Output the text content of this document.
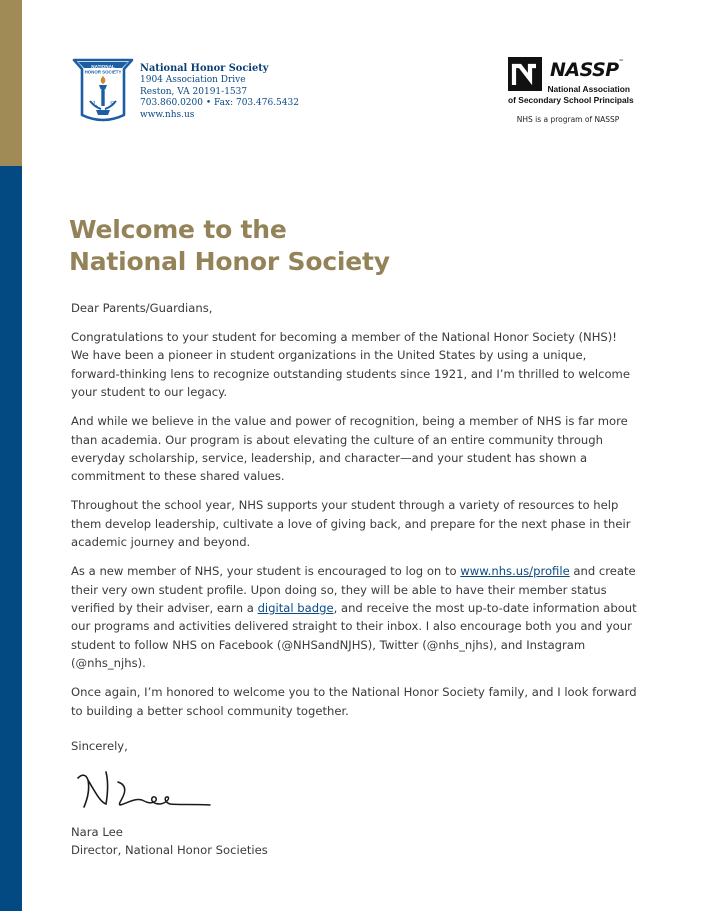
NATIONAL
HONOR SOCIETY
L S
National Honor Society
1904 Association Drive
Reston, VA 20191-1537
703.860.0200 • Fax: 703.476.5432
www.nhs.us
NASSP™
National Association
of Secondary School Principals
NHS is a program of NASSP
Welcome to the
National Honor Society

Dear Parents/Guardians,

Congratulations to your student for becoming a member of the National Honor Society (NHS)! We have been a pioneer in student organizations in the United States by using a unique, forward-thinking lens to recognize outstanding students since 1921, and I’m thrilled to welcome your student to our legacy.

And while we believe in the value and power of recognition, being a member of NHS is far more than academia. Our program is about elevating the culture of an entire community through everyday scholarship, service, leadership, and character—and your student has shown a commitment to these shared values.

Throughout the school year, NHS supports your student through a variety of resources to help them develop leadership, cultivate a love of giving back, and prepare for the next phase in their academic journey and beyond.

As a new member of NHS, your student is encouraged to log on to www.nhs.us/profile and create their very own student profile. Upon doing so, they will be able to have their member status verified by their adviser, earn a digital badge, and receive the most up-to-date information about our programs and activities delivered straight to their inbox. I also encourage both you and your student to follow NHS on Facebook (@NHSandNJHS), Twitter (@nhs_njhs), and Instagram (@nhs_njhs).

Once again, I’m honored to welcome you to the National Honor Society family, and I look forward to building a better school community together.

Sincerely,
Nara Lee
Director, National Honor Societies
